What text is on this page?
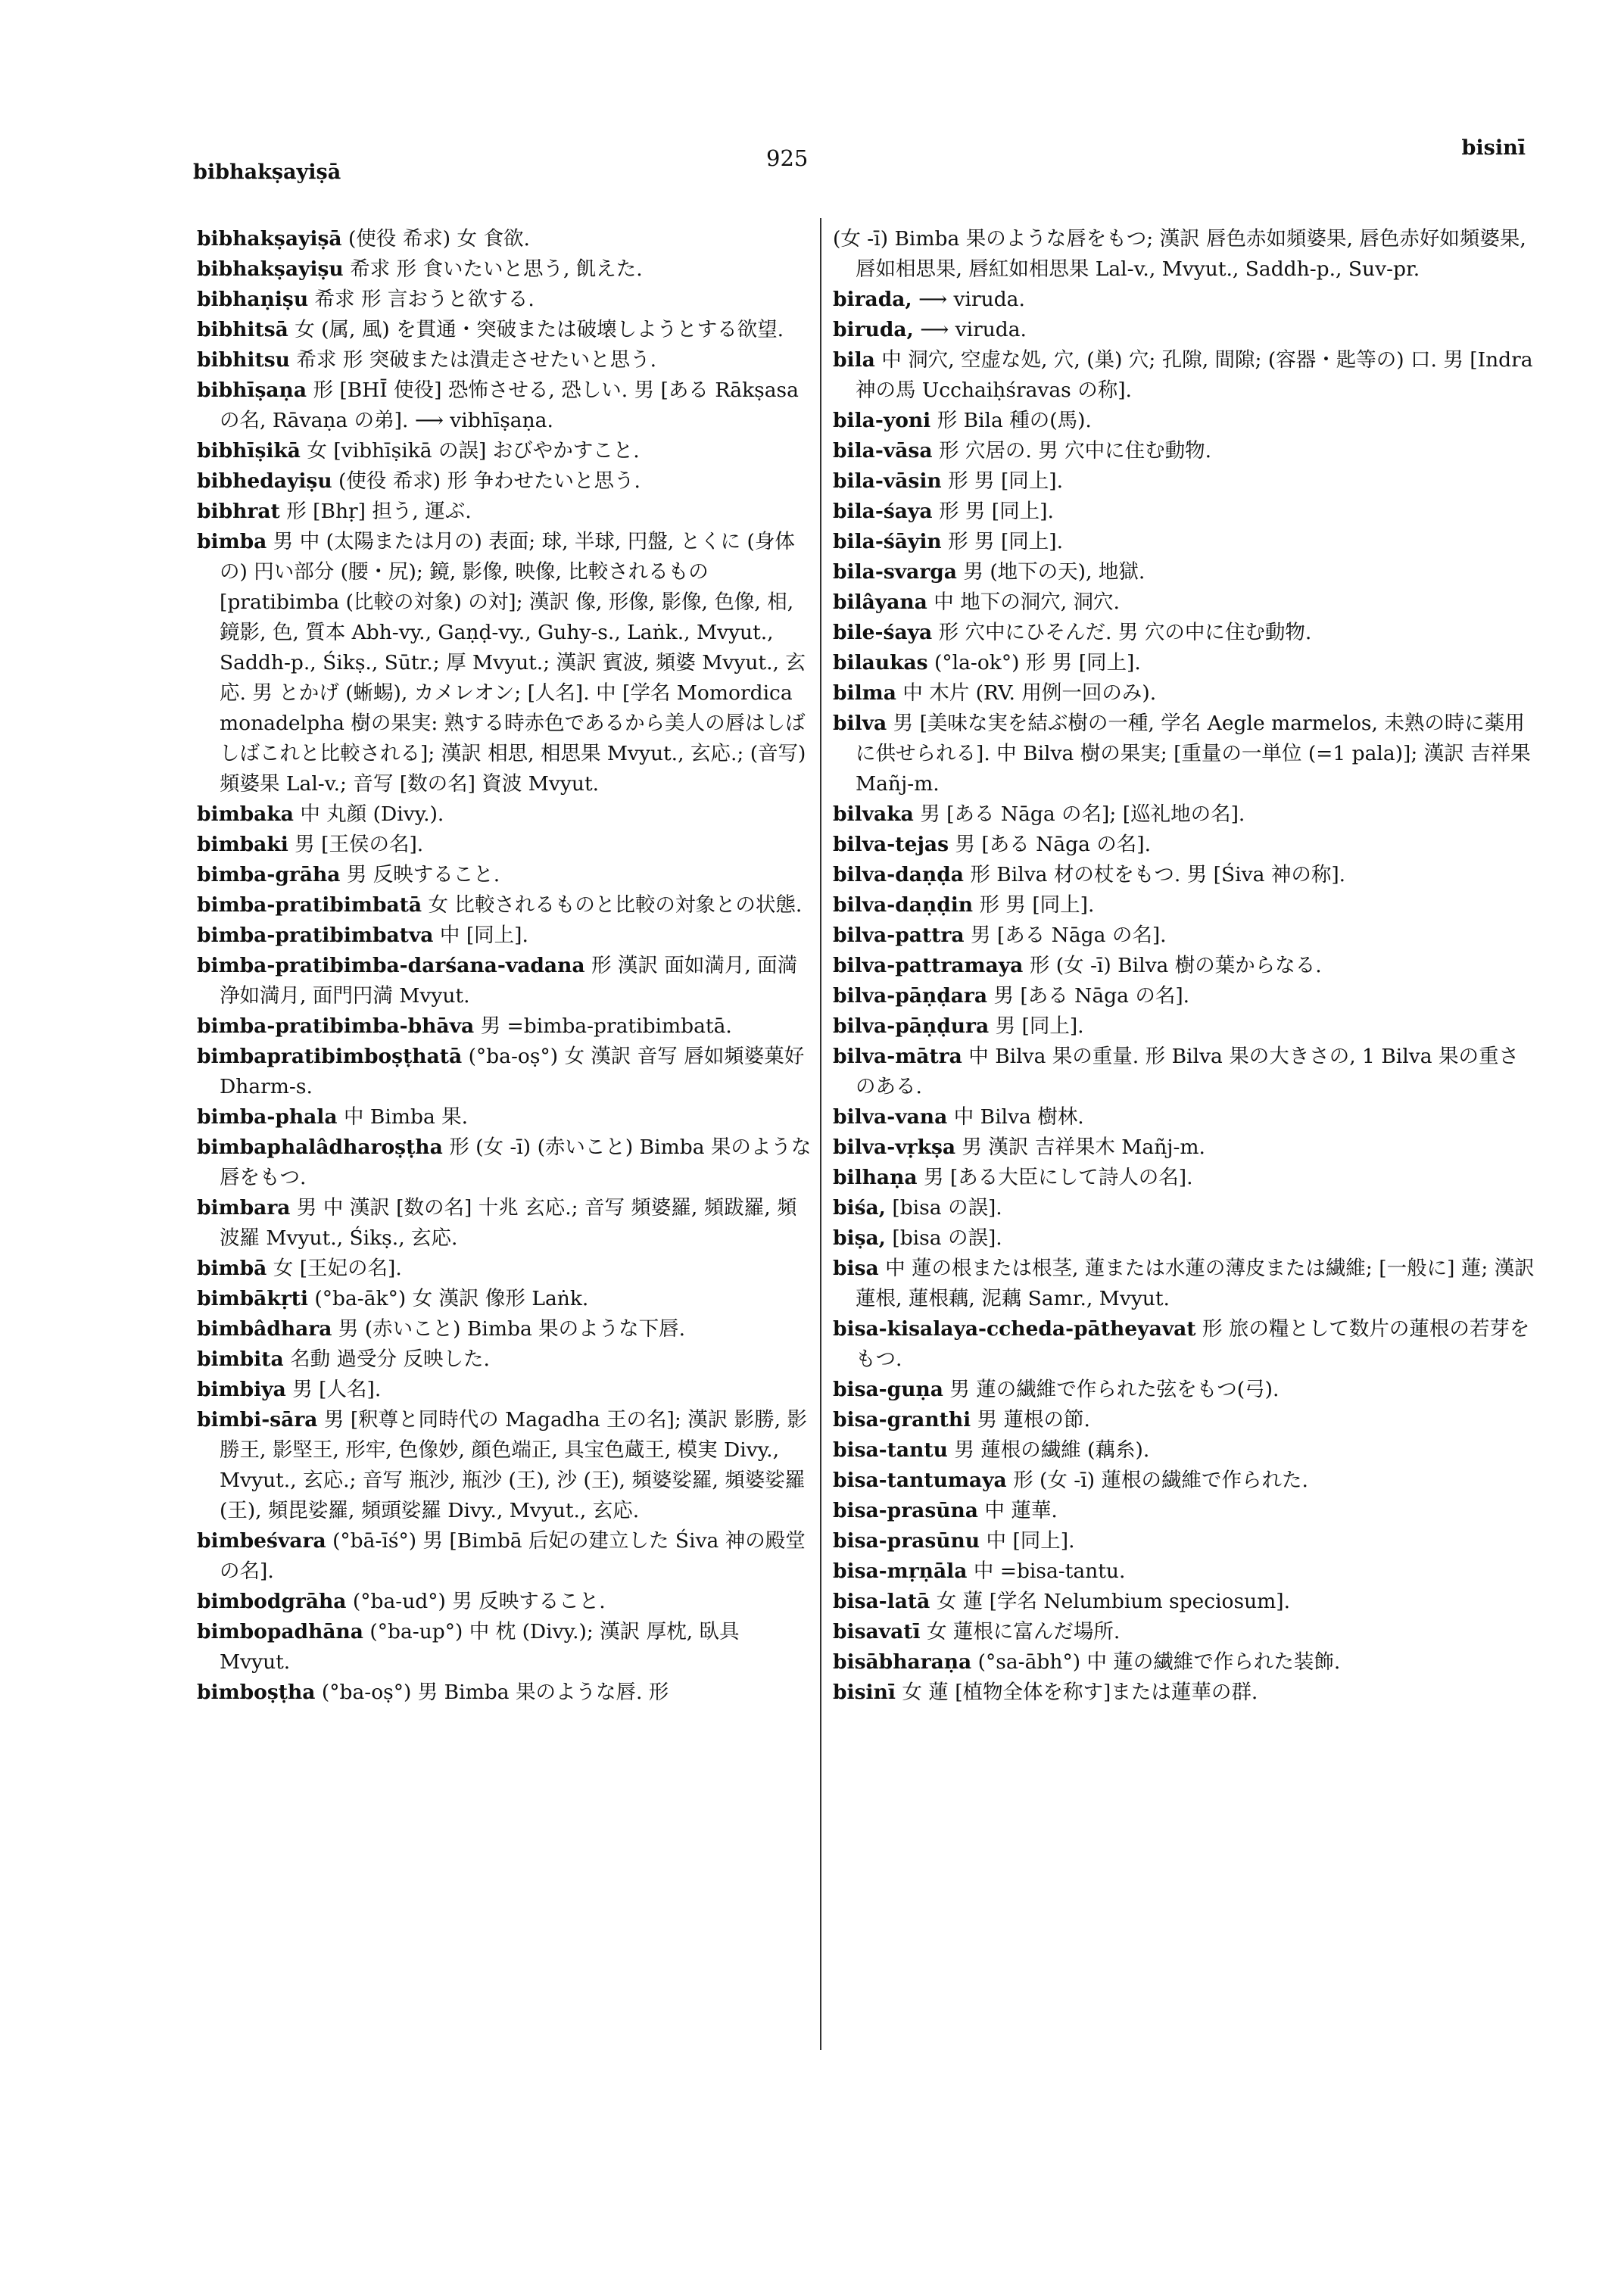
bibhakṣayiṣā
925	bisinī

bibhakṣayiṣā (使役 希求) 女 食欲.

bibhakṣayiṣu 希求 形 食いたいと思う, 飢えた.

bibhaṇiṣu 希求 形 言おうと欲する.

bibhitsā 女 (属, 風) を貫通・突破または破壊しようとする欲望.

bibhitsu 希求 形 突破または潰走させたいと思う.

bibhīṣaṇa 形 [BHĪ 使役] 恐怖させる, 恐しい. 男 [ある Rākṣasa の名, Rāvaṇa の弟]. ⟶ vibhīṣaṇa.

bibhīṣikā 女 [vibhīṣikā の誤] おびやかすこと.

bibhedayiṣu (使役 希求) 形 争わせたいと思う.

bibhrat 形 [Bhṛ] 担う, 運ぶ.

bimba 男 中 (太陽または月の) 表面; 球, 半球, 円盤, とくに (身体の) 円い部分 (腰・尻); 鏡, 影像, 映像, 比較されるもの [pratibimba (比較の対象) の対]; 漢訳 像, 形像, 影像, 色像, 相, 鏡影, 色, 質本 Abh-vy., Gaṇḍ-vy., Guhy-s., Laṅk., Mvyut., Saddh-p., Śikṣ., Sūtr.; 厚 Mvyut.; 漢訳 賓波, 頻婆 Mvyut., 玄応. 男 とかげ (蜥蜴), カメレオン; [人名]. 中 [学名 Momordica monadelpha 樹の果実: 熟する時赤色であるから美人の唇はしばしばこれと比較される]; 漢訳 相思, 相思果 Mvyut., 玄応.; (音写) 頻婆果 Lal-v.; 音写 [数の名] 資波 Mvyut.

bimbaka 中 丸顔 (Divy.).

bimbaki 男 [王侯の名].

bimba-grāha 男 反映すること.

bimba-pratibimbatā 女 比較されるものと比較の対象との状態.

bimba-pratibimbatva 中 [同上].

bimba-pratibimba-darśana-vadana 形 漢訳 面如満月, 面満浄如満月, 面門円満 Mvyut.

bimba-pratibimba-bhāva 男 =bimba-pratibimbatā.

bimbapratibimboṣṭhatā (°ba-oṣ°) 女 漢訳 音写 唇如頻婆菓好 Dharm-s.

bimba-phala 中 Bimba 果.

bimbaphalâdharoṣṭha 形 (女 -ī) (赤いこと) Bimba 果のような唇をもつ.

bimbara 男 中 漢訳 [数の名] 十兆 玄応.; 音写 頻婆羅, 頻跋羅, 頻波羅 Mvyut., Śikṣ., 玄応.

bimbā 女 [王妃の名].

bimbākṛti (°ba-āk°) 女 漢訳 像形 Laṅk.

bimbâdhara 男 (赤いこと) Bimba 果のような下唇.

bimbita 名動 過受分 反映した.

bimbiya 男 [人名].

bimbi-sāra 男 [釈尊と同時代の Magadha 王の名]; 漢訳 影勝, 影勝王, 影堅王, 形牢, 色像妙, 顔色端正, 具宝色蔵王, 模実 Divy., Mvyut., 玄応.; 音写 瓶沙, 瓶沙 (王), 沙 (王), 頻婆娑羅, 頻婆娑羅 (王), 頻毘娑羅, 頻頭娑羅 Divy., Mvyut., 玄応.

bimbeśvara (°bā-īś°) 男 [Bimbā 后妃の建立した Śiva 神の殿堂の名].

bimbodgrāha (°ba-ud°) 男 反映すること.

bimbopadhāna (°ba-up°) 中 枕 (Divy.); 漢訳 厚枕, 臥具 Mvyut.

bimboṣṭha (°ba-oṣ°) 男 Bimba 果のような唇. 形

(女 -ī) Bimba 果のような唇をもつ; 漢訳 唇色赤如頻婆果, 唇色赤好如頻婆果, 唇如相思果, 唇紅如相思果 Lal-v., Mvyut., Saddh-p., Suv-pr.

birada, ⟶ viruda.

biruda, ⟶ viruda.

bila 中 洞穴, 空虚な処, 穴, (巣) 穴; 孔隙, 間隙; (容器・匙等の) 口. 男 [Indra 神の馬 Ucchaiḥśravas の称].

bila-yoni 形 Bila 種の(馬).

bila-vāsa 形 穴居の. 男 穴中に住む動物.

bila-vāsin 形 男 [同上].

bila-śaya 形 男 [同上].

bila-śāyin 形 男 [同上].

bila-svarga 男 (地下の天), 地獄.

bilâyana 中 地下の洞穴, 洞穴.

bile-śaya 形 穴中にひそんだ. 男 穴の中に住む動物.

bilaukas (°la-ok°) 形 男 [同上].

bilma 中 木片 (RV. 用例一回のみ).

bilva 男 [美味な実を結ぶ樹の一種, 学名 Aegle marmelos, 未熟の時に薬用に供せられる]. 中 Bilva 樹の果実; [重量の一単位 (=1 pala)]; 漢訳 吉祥果 Mañj-m.

bilvaka 男 [ある Nāga の名]; [巡礼地の名].

bilva-tejas 男 [ある Nāga の名].

bilva-daṇḍa 形 Bilva 材の杖をもつ. 男 [Śiva 神の称].

bilva-daṇḍin 形 男 [同上].

bilva-pattra 男 [ある Nāga の名].

bilva-pattramaya 形 (女 -ī) Bilva 樹の葉からなる.

bilva-pāṇḍara 男 [ある Nāga の名].

bilva-pāṇḍura 男 [同上].

bilva-mātra 中 Bilva 果の重量. 形 Bilva 果の大きさの, 1 Bilva 果の重さのある.

bilva-vana 中 Bilva 樹林.

bilva-vṛkṣa 男 漢訳 吉祥果木 Mañj-m.

bilhaṇa 男 [ある大臣にして詩人の名].

biśa, [bisa の誤].

biṣa, [bisa の誤].

bisa 中 蓮の根または根茎, 蓮または水蓮の薄皮または繊維; [一般に] 蓮; 漢訳 蓮根, 蓮根藕, 泥藕 Samr., Mvyut.

bisa-kisalaya-ccheda-pātheyavat 形 旅の糧として数片の蓮根の若芽をもつ.

bisa-guṇa 男 蓮の繊維で作られた弦をもつ(弓).

bisa-granthi 男 蓮根の節.

bisa-tantu 男 蓮根の繊維 (藕糸).

bisa-tantumaya 形 (女 -ī) 蓮根の繊維で作られた.

bisa-prasūna 中 蓮華.

bisa-prasūnu 中 [同上].

bisa-mṛṇāla 中 =bisa-tantu.

bisa-latā 女 蓮 [学名 Nelumbium speciosum].

bisavatī 女 蓮根に富んだ場所.

bisābharaṇa (°sa-ābh°) 中 蓮の繊維で作られた装飾.

bisinī 女 蓮 [植物全体を称す]または蓮華の群.
